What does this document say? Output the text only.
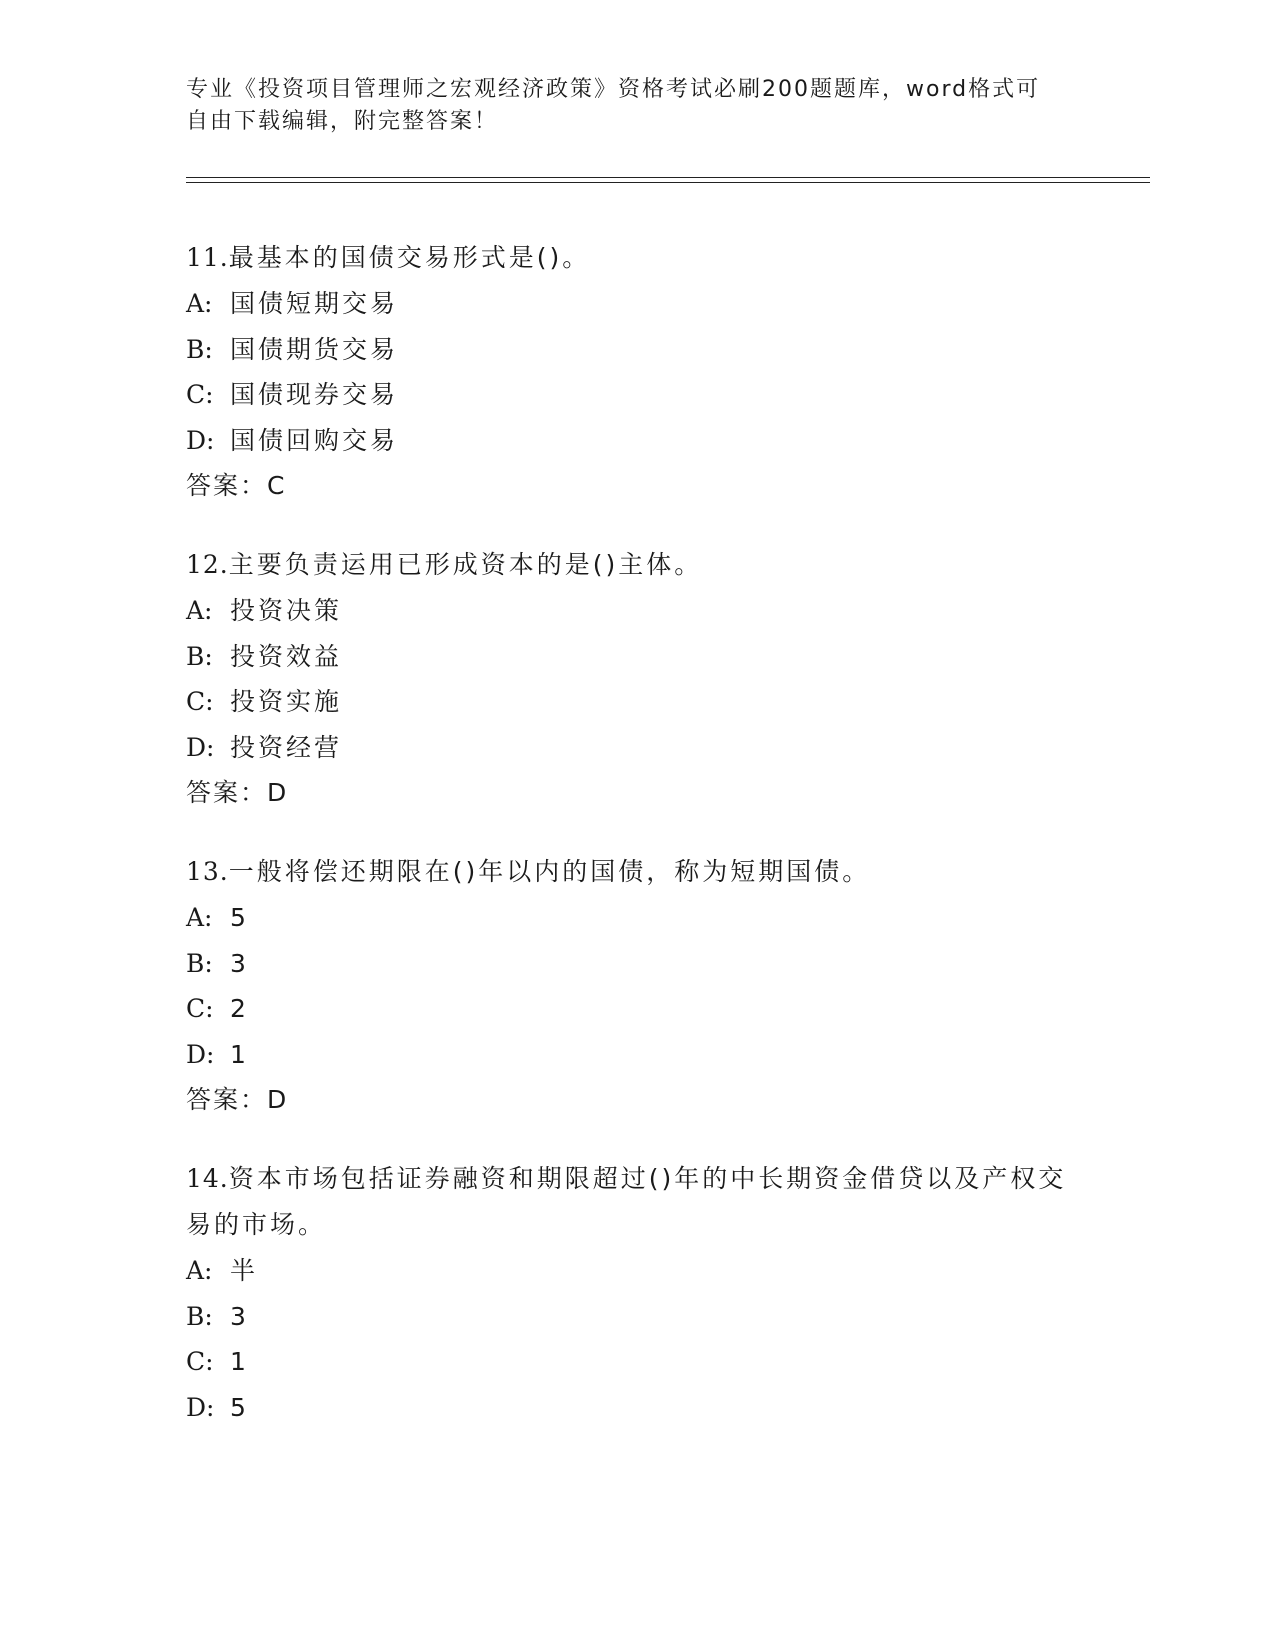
专业《投资项目管理师之宏观经济政策》资格考试必刷200题题库，word格式可
自由下载编辑，附完整答案！

11.最基本的国债交易形式是()。

A: 国债短期交易
B: 国债期货交易
C: 国债现券交易
D: 国债回购交易
答案：C

12.主要负责运用已形成资本的是()主体。

A: 投资决策
B: 投资效益
C: 投资实施
D: 投资经营
答案：D

13.一般将偿还期限在()年以内的国债，称为短期国债。

A: 5
B: 3
C: 2
D: 1
答案：D

14.资本市场包括证券融资和期限超过()年的中长期资金借贷以及产权交易的市场。

A: 半
B: 3
C: 1
D: 5
